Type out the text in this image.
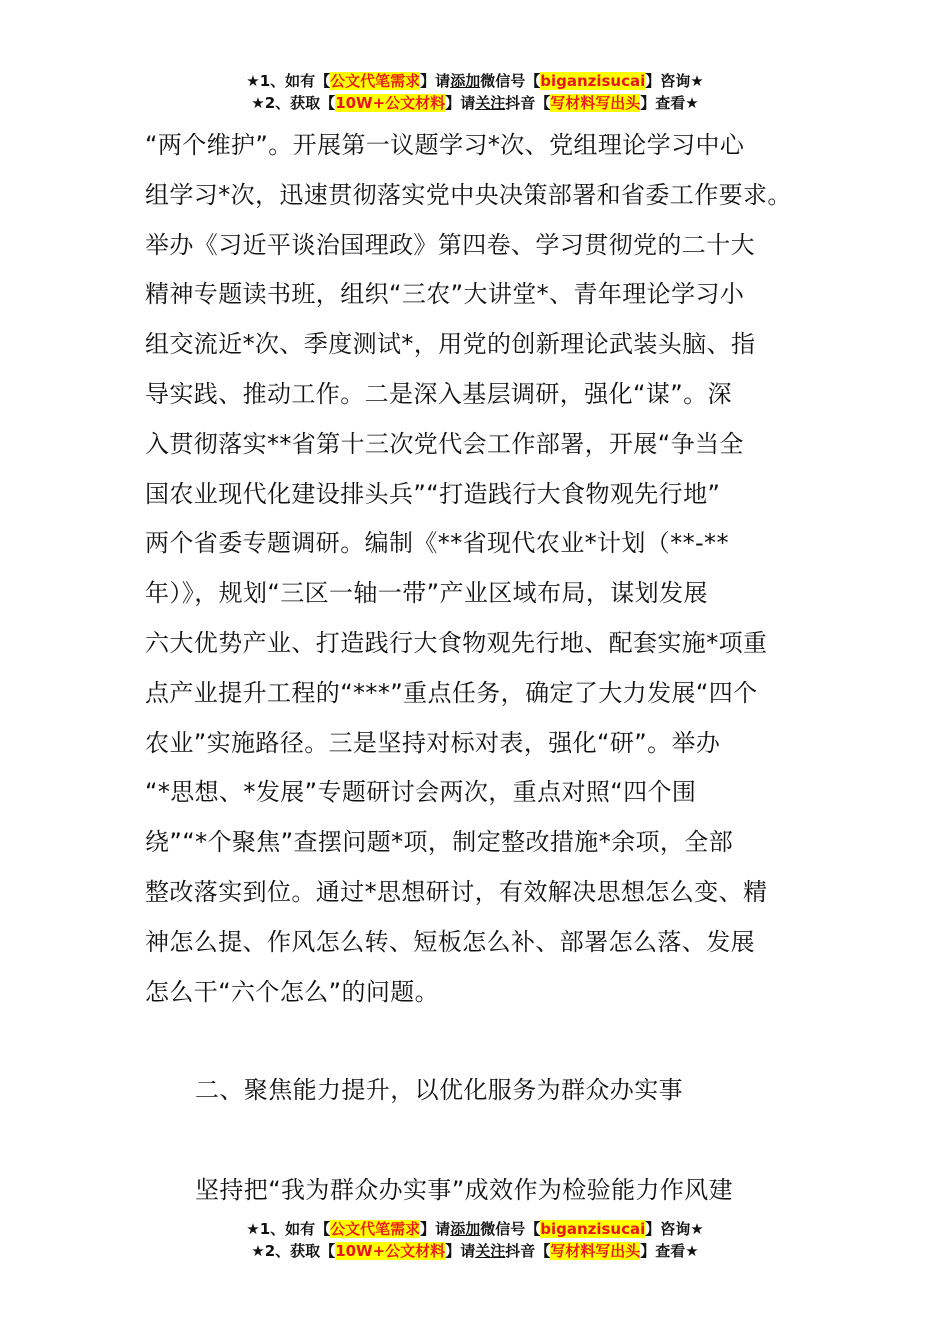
★1、如有【公文代笔需求】请添加微信号【biganzisucai】咨询★
★2、获取【10W+公文材料】请关注抖音【写材料写出头】查看★
“两个维护”。开展第一议题学习*次、党组理论学习中心
组学习*次，迅速贯彻落实党中央决策部署和省委工作要求。
举办《习近平谈治国理政》第四卷、学习贯彻党的二十大
精神专题读书班，组织“三农”大讲堂*、青年理论学习小
组交流近*次、季度测试*，用党的创新理论武装头脑、指
导实践、推动工作。二是深入基层调研，强化“谋”。深
入贯彻落实**省第十三次党代会工作部署，开展“争当全
国农业现代化建设排头兵”“打造践行大食物观先行地”
两个省委专题调研。编制《**省现代农业*计划（**-**
年）》，规划“三区一轴一带”产业区域布局，谋划发展
六大优势产业、打造践行大食物观先行地、配套实施*项重
点产业提升工程的“***”重点任务，确定了大力发展“四个
农业”实施路径。三是坚持对标对表，强化“研”。举办
“*思想、*发展”专题研讨会两次，重点对照“四个围
绕”“*个聚焦”查摆问题*项，制定整改措施*余项，全部
整改落实到位。通过*思想研讨，有效解决思想怎么变、精
神怎么提、作风怎么转、短板怎么补、部署怎么落、发展
怎么干“六个怎么”的问题。
二、聚焦能力提升，以优化服务为群众办实事
坚持把“我为群众办实事”成效作为检验能力作风建
★1、如有【公文代笔需求】请添加微信号【biganzisucai】咨询★
★2、获取【10W+公文材料】请关注抖音【写材料写出头】查看★
